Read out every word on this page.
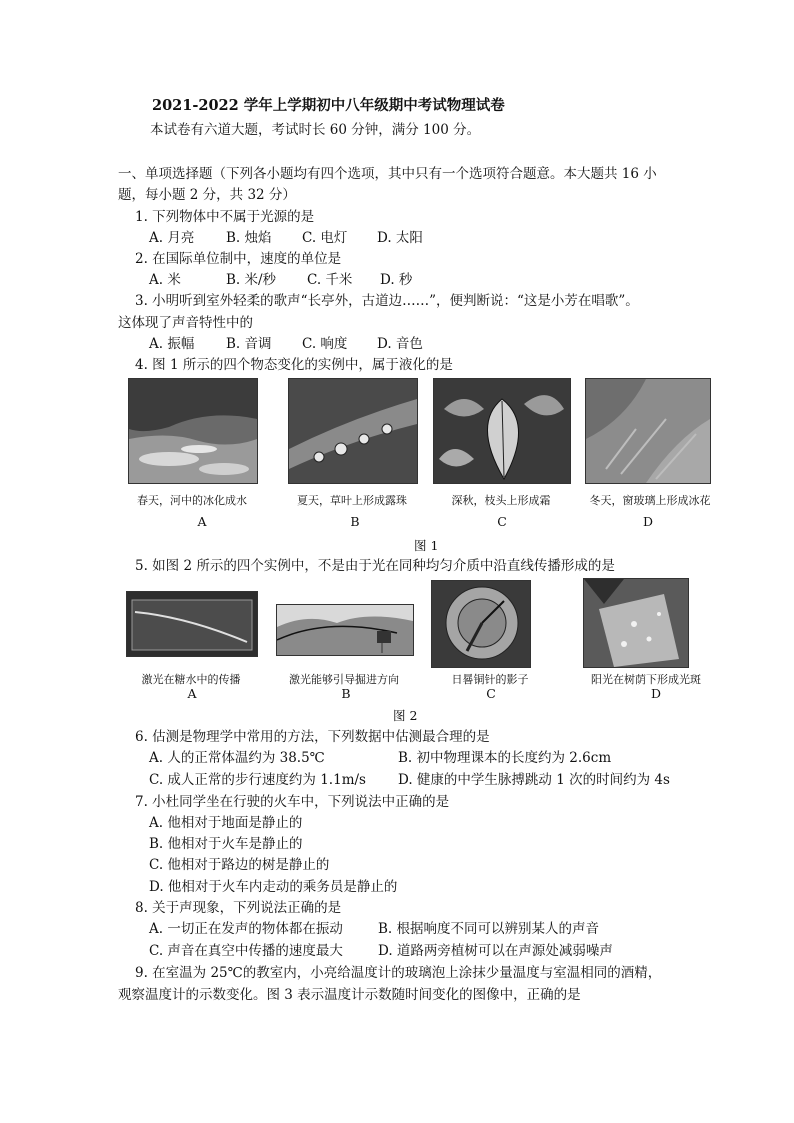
2021-2022 学年上学期初中八年级期中考试物理试卷
本试卷有六道大题，考试时长 60 分钟，满分 100 分。
一、单项选择题（下列各小题均有四个选项，其中只有一个选项符合题意。本大题共 16 小
题，每小题 2 分，共 32 分）
1. 下列物体中不属于光源的是
A. 月亮 B. 烛焰 C. 电灯 D. 太阳
2. 在国际单位制中，速度的单位是
A. 米	B. 米/秒 C. 千米 D. 秒
3. 小明听到室外轻柔的歌声“长亭外，古道边……”，便判断说：“这是小芳在唱歌”。
这体现了声音特性中的
A. 振幅 B. 音调 C. 响度 D. 音色
4. 图 1 所示的四个物态变化的实例中，属于液化的是
春天，河中的冰化成水	夏天，草叶上形成露珠	深秋，枝头上形成霜	冬天，窗玻璃上形成冰花
A	B	C	D
图 1
5. 如图 2 所示的四个实例中，不是由于光在同种均匀介质中沿直线传播形成的是
激光在糖水中的传播	激光能够引导掘进方向	日晷铜针的影子	阳光在树荫下形成光斑
A	B	C	D
图 2
6. 估测是物理学中常用的方法，下列数据中估测最合理的是
A. 人的正常体温约为 38.5℃	B. 初中物理课本的长度约为 2.6cm
C. 成人正常的步行速度约为 1.1m/s D. 健康的中学生脉搏跳动 1 次的时间约为 4s
7. 小杜同学坐在行驶的火车中，下列说法中正确的是
A. 他相对于地面是静止的
B. 他相对于火车是静止的
C. 他相对于路边的树是静止的
D. 他相对于火车内走动的乘务员是静止的
8. 关于声现象，下列说法正确的是
A. 一切正在发声的物体都在振动	B. 根据响度不同可以辨别某人的声音
C. 声音在真空中传播的速度最大	D. 道路两旁植树可以在声源处减弱噪声
9. 在室温为 25℃的教室内，小亮给温度计的玻璃泡上涂抹少量温度与室温相同的酒精，
观察温度计的示数变化。图 3 表示温度计示数随时间变化的图像中，正确的是
